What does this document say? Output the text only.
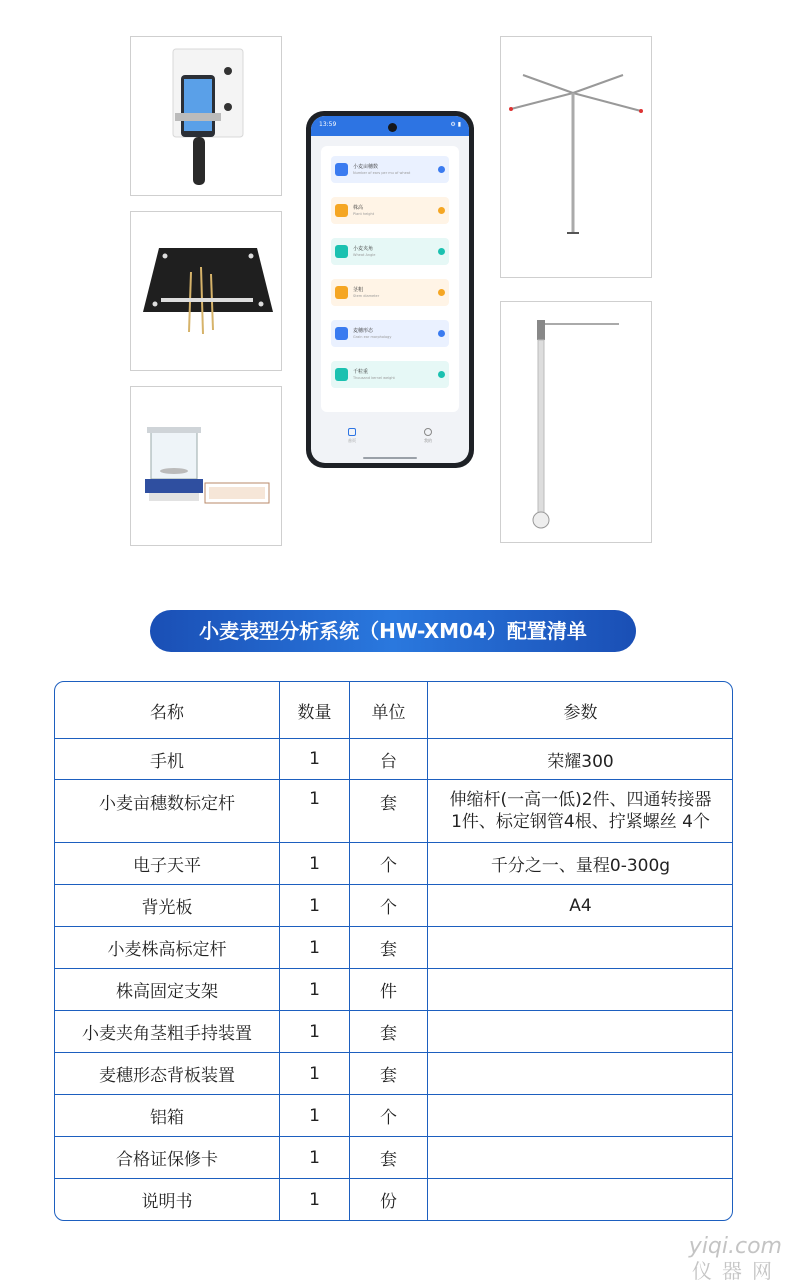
13:59	⚙ ▮
小麦亩穗数
Number of ears per mu of wheat
株高
Plant height
小麦夹角
Wheat Angle
茎粗
Stem diameter
麦穗形态
Grain ear morphology
千粒重
Thousand kernel weight
首页	我的
小麦表型分析系统（HW-XM04）配置清单
名称	数量	单位	参数
手机	1	台	荣耀300
小麦亩穗数标定杆	1	套	伸缩杆(一高一低)2件、四通转接器
1件、标定钢管4根、拧紧螺丝 4个
电子天平	1	个	千分之一、量程0-300g
背光板	1	个	A4
小麦株高标定杆	1	套
株高固定支架	1	件
小麦夹角茎粗手持装置	1	套
麦穗形态背板装置	1	套
铝箱	1	个
合格证保修卡	1	套
说明书	1	份
yiqi.com
仪器网
